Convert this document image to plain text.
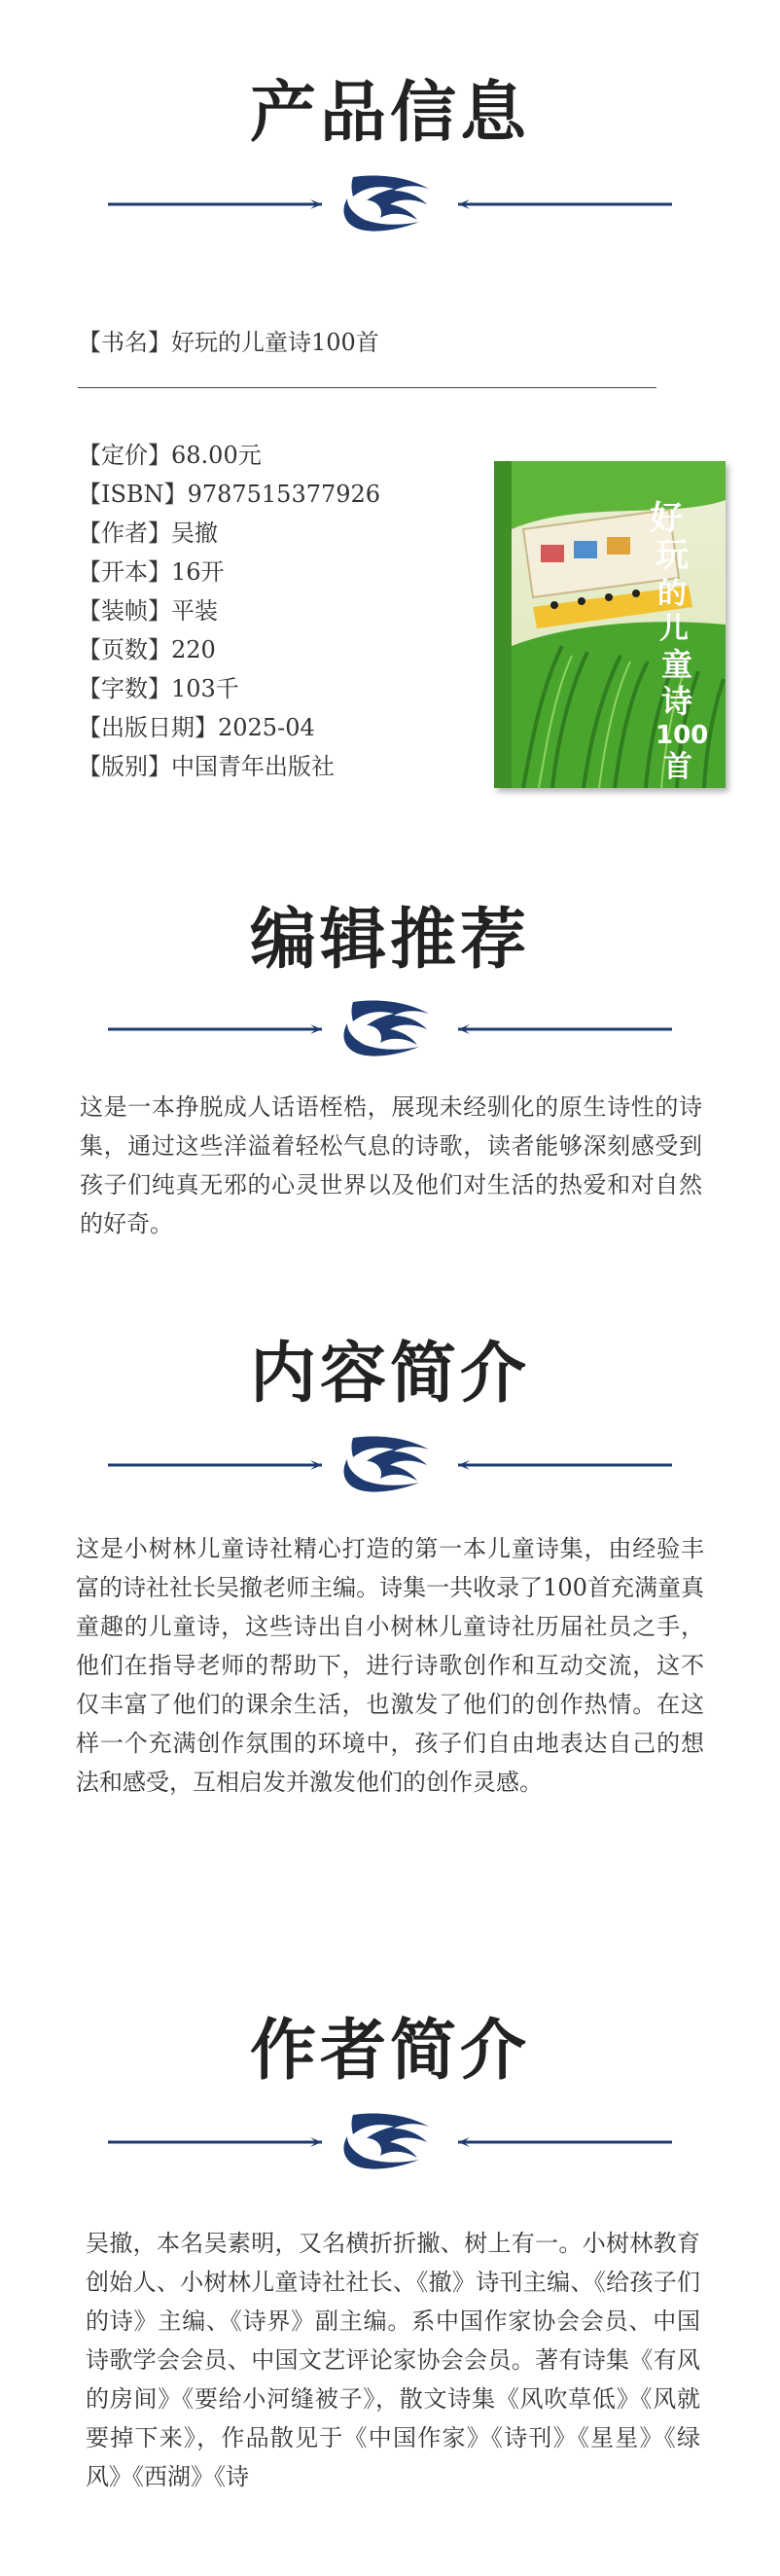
产品信息
【书名】好玩的儿童诗100首
【定价】68.00元
【ISBN】9787515377926
【作者】吴撤
【开本】16开
【装帧】平装
【页数】220
【字数】103千
【出版日期】2025-04
【版别】中国青年出版社
好
玩
的
儿
童
诗
100
首
编辑推荐
这是一本挣脱成人话语桎梏，展现未经驯化的原生诗性的诗集，通过这些洋溢着轻松气息的诗歌，读者能够深刻感受到孩子们纯真无邪的心灵世界以及他们对生活的热爱和对自然的好奇。
内容简介
这是小树林儿童诗社精心打造的第一本儿童诗集，由经验丰富的诗社社长吴撤老师主编。诗集一共收录了100首充满童真童趣的儿童诗，这些诗出自小树林儿童诗社历届社员之手，他们在指导老师的帮助下，进行诗歌创作和互动交流，这不仅丰富了他们的课余生活，也激发了他们的创作热情。在这样一个充满创作氛围的环境中，孩子们自由地表达自己的想法和感受，互相启发并激发他们的创作灵感。
作者简介
吴撤，本名吴素明，又名横折折撇、树上有一。小树林教育创始人、小树林儿童诗社社长、《撤》诗刊主编、《给孩子们的诗》主编、《诗界》副主编。系中国作家协会会员、中国诗歌学会会员、中国文艺评论家协会会员。著有诗集《有风的房间》《要给小河缝被子》，散文诗集《风吹草低》《风就要掉下来》，作品散见于《中国作家》《诗刊》《星星》《绿风》《西湖》《诗
